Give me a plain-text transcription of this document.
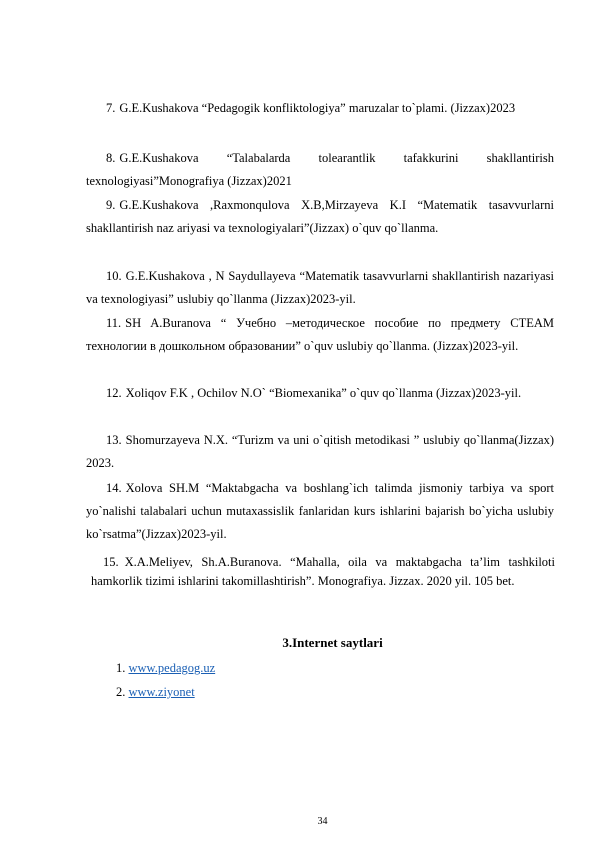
7. G.E.Kushakova “Pedagogik konfliktologiya” maruzalar to`plami. (Jizzax)2023
8. G.E.Kushakova “Talabalarda tolearantlik tafakkurini shakllantirish texnologiyasi”Monografiya (Jizzax)2021
9. G.E.Kushakova ,Raxmonqulova X.B,Mirzayeva K.I “Matematik tasavvurlarni shakllantirish naz ariyasi va texnologiyalari”(Jizzax) o`quv qo`llanma.
10. G.E.Kushakova , N Saydullayeva “Matematik tasavvurlarni shakllantirish nazariyasi va texnologiyasi” uslubiy qo`llanma (Jizzax)2023-yil.
11. SH A.Buranova “ Учебно –методическое пособие по предмету СТЕАМ технологии в дошкольном образовании” o`quv uslubiy qo`llanma. (Jizzax)2023-yil.
12. Xoliqov F.K , Ochilov N.O` “Biomexanika” o`quv qo`llanma (Jizzax)2023-yil.
13. Shomurzayeva N.X. “Turizm va uni o`qitish metodikasi ” uslubiy qo`llanma(Jizzax) 2023.
14. Xolova SH.M “Maktabgacha va boshlang`ich talimda jismoniy tarbiya va sport yo`nalishi talabalari uchun mutaxassislik fanlaridan kurs ishlarini bajarish bo`yicha uslubiy ko`rsatma”(Jizzax)2023-yil.
15. X.A.Meliyev, Sh.A.Buranova. “Mahalla, oila va maktabgacha ta’lim tashkiloti hamkorlik tizimi ishlarini takomillashtirish”. Monografiya. Jizzax. 2020 yil. 105 bet.
3.Internet saytlari
1. www.pedagog.uz
2. www.ziyonet
34
